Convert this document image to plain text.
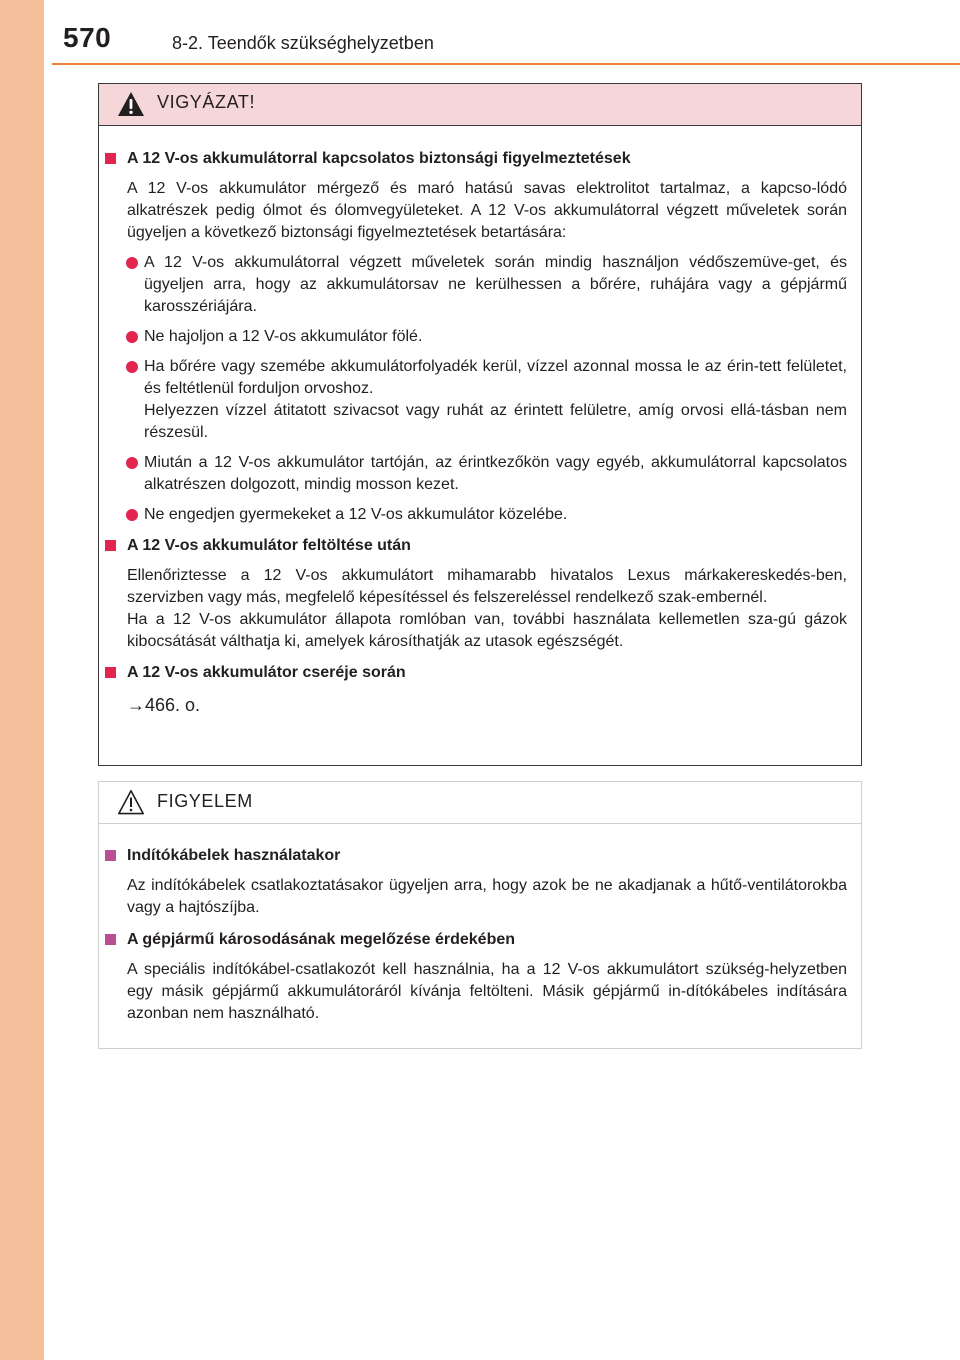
570	8-2. Teendők szükséghelyzetben
VIGYÁZAT!
A 12 V-os akkumulátorral kapcsolatos biztonsági figyelmeztetések
A 12 V-os akkumulátor mérgező és maró hatású savas elektrolitot tartalmaz, a kapcso-lódó alkatrészek pedig ólmot és ólomvegyületeket. A 12 V-os akkumulátorral végzett műveletek során ügyeljen a következő biztonsági figyelmeztetések betartására:
A 12 V-os akkumulátorral végzett műveletek során mindig használjon védőszemüve-get, és ügyeljen arra, hogy az akkumulátorsav ne kerülhessen a bőrére, ruhájára vagy a gépjármű karosszériájára.
Ne hajoljon a 12 V-os akkumulátor fölé.
Ha bőrére vagy szemébe akkumulátorfolyadék kerül, vízzel azonnal mossa le az érin-tett felületet, és feltétlenül forduljon orvoshoz.
Helyezzen vízzel átitatott szivacsot vagy ruhát az érintett felületre, amíg orvosi ellá-tásban nem részesül.
Miután a 12 V-os akkumulátor tartóján, az érintkezőkön vagy egyéb, akkumulátorral kapcsolatos alkatrészen dolgozott, mindig mosson kezet.
Ne engedjen gyermekeket a 12 V-os akkumulátor közelébe.
A 12 V-os akkumulátor feltöltése után
Ellenőriztesse a 12 V-os akkumulátort mihamarabb hivatalos Lexus márkakereskedés-ben, szervizben vagy más, megfelelő képesítéssel és felszereléssel rendelkező szak-embernél.
Ha a 12 V-os akkumulátor állapota romlóban van, további használata kellemetlen sza-gú gázok kibocsátását válthatja ki, amelyek károsíthatják az utasok egészségét.
A 12 V-os akkumulátor cseréje során
→466. o.
FIGYELEM
Indítókábelek használatakor
Az indítókábelek csatlakoztatásakor ügyeljen arra, hogy azok be ne akadjanak a hűtő-ventilátorokba vagy a hajtószíjba.
A gépjármű károsodásának megelőzése érdekében
A speciális indítókábel-csatlakozót kell használnia, ha a 12 V-os akkumulátort szükség-helyzetben egy másik gépjármű akkumulátoráról kívánja feltölteni. Másik gépjármű in-dítókábeles indítására azonban nem használható.
